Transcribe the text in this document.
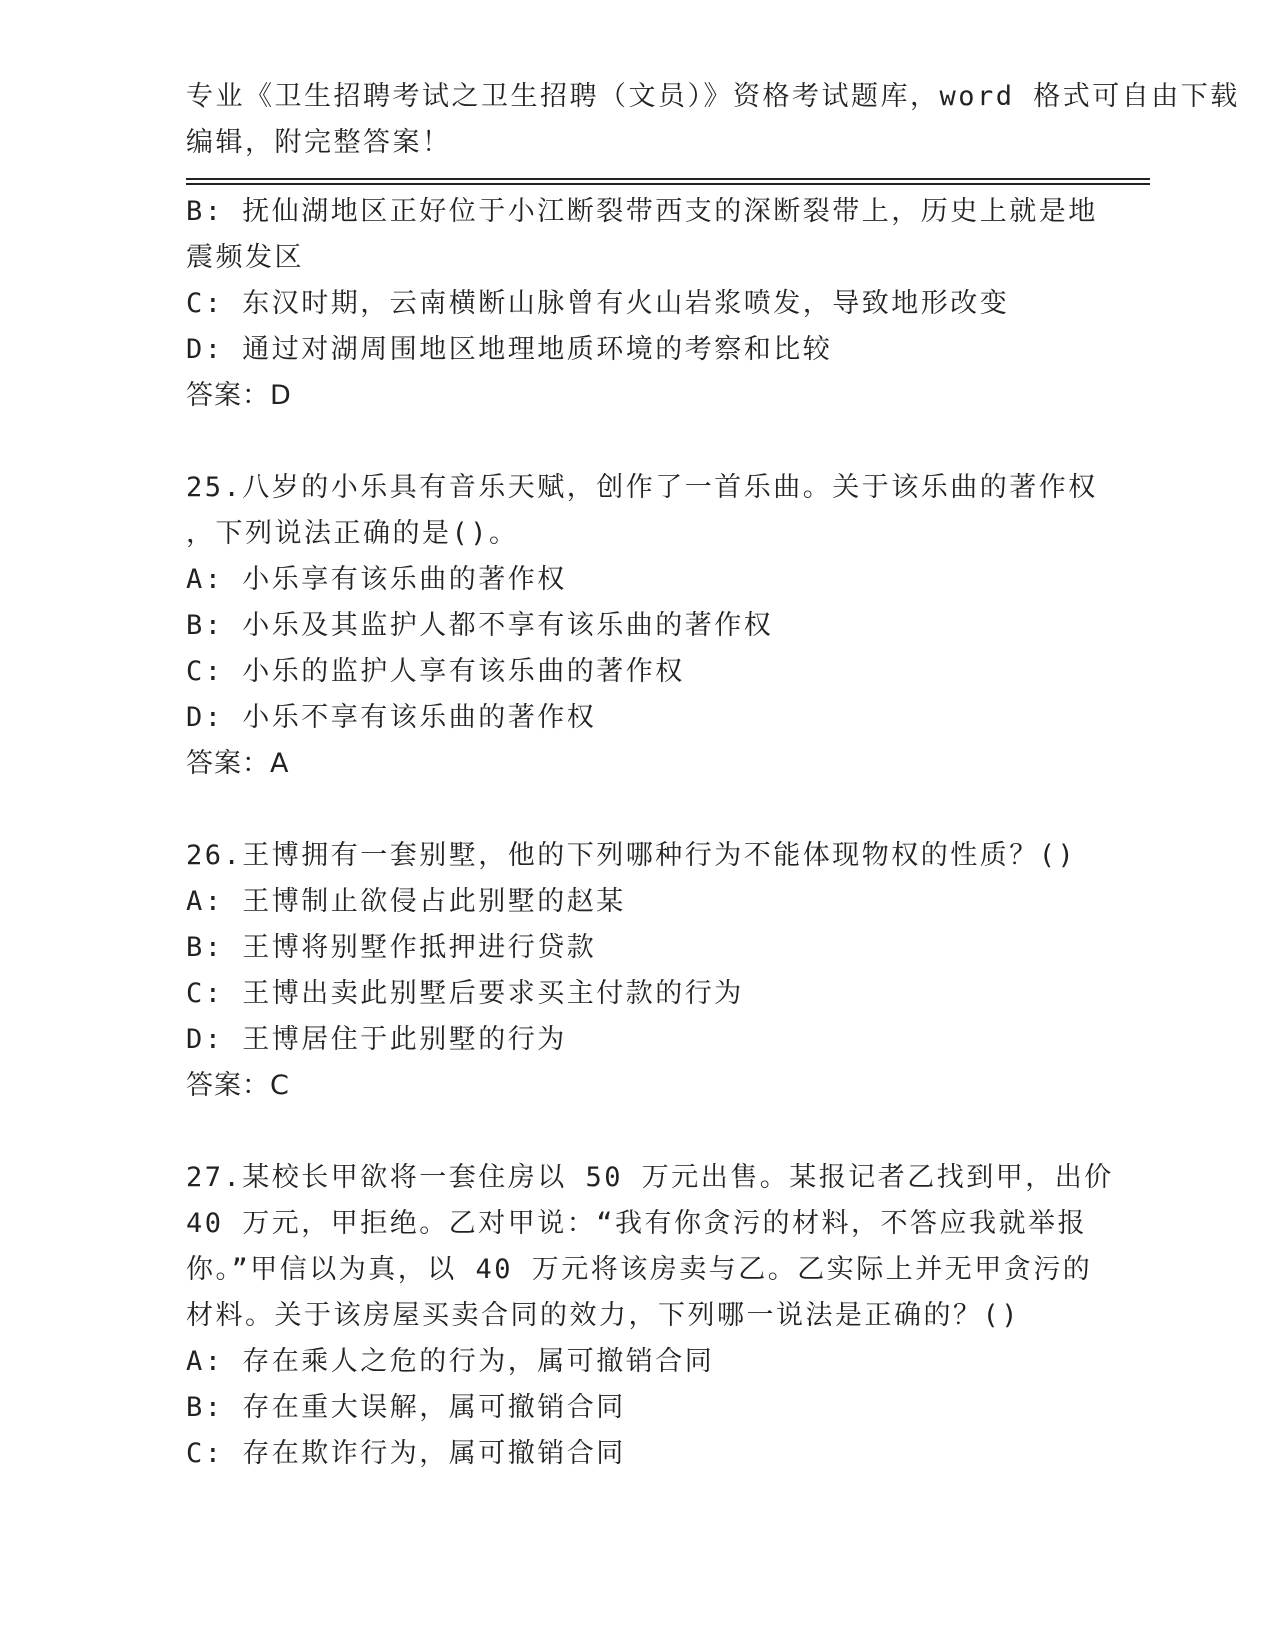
专业《卫生招聘考试之卫生招聘（文员）》资格考试题库，word 格式可自由下载
编辑，附完整答案！
B: 抚仙湖地区正好位于小江断裂带西支的深断裂带上，历史上就是地
震频发区
C: 东汉时期，云南横断山脉曾有火山岩浆喷发，导致地形改变
D: 通过对湖周围地区地理地质环境的考察和比较
答案：D
25.八岁的小乐具有音乐天赋，创作了一首乐曲。关于该乐曲的著作权
，下列说法正确的是()。
A: 小乐享有该乐曲的著作权
B: 小乐及其监护人都不享有该乐曲的著作权
C: 小乐的监护人享有该乐曲的著作权
D: 小乐不享有该乐曲的著作权
答案：A
26.王博拥有一套别墅，他的下列哪种行为不能体现物权的性质？()
A: 王博制止欲侵占此别墅的赵某
B: 王博将别墅作抵押进行贷款
C: 王博出卖此别墅后要求买主付款的行为
D: 王博居住于此别墅的行为
答案：C
27.某校长甲欲将一套住房以 50 万元出售。某报记者乙找到甲，出价
40 万元，甲拒绝。乙对甲说：“我有你贪污的材料，不答应我就举报
你。”甲信以为真，以 40 万元将该房卖与乙。乙实际上并无甲贪污的
材料。关于该房屋买卖合同的效力，下列哪一说法是正确的？()
A: 存在乘人之危的行为，属可撤销合同
B: 存在重大误解，属可撤销合同
C: 存在欺诈行为，属可撤销合同
